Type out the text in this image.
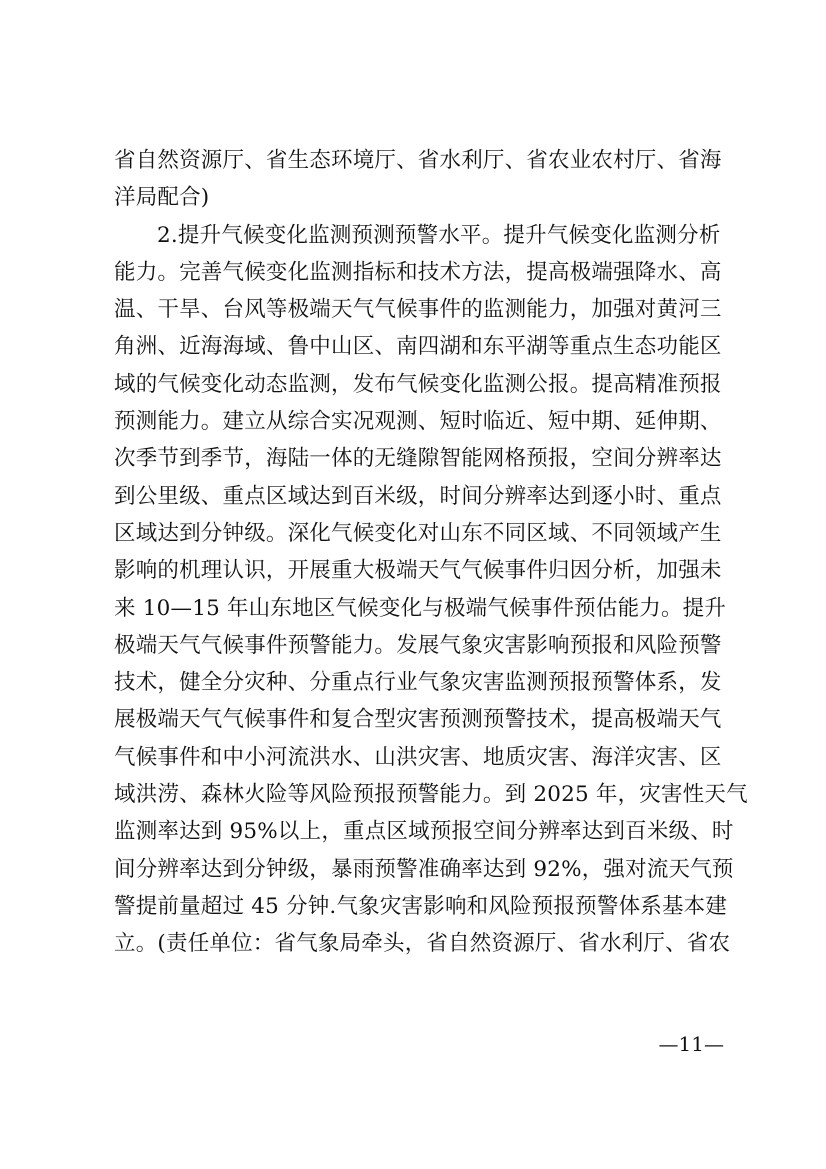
省自然资源厅、省生态环境厅、省水利厅、省农业农村厅、省海
洋局配合)
2.提升气候变化监测预测预警水平。提升气候变化监测分析
能力。完善气候变化监测指标和技术方法，提高极端强降水、高
温、干旱、台风等极端天气气候事件的监测能力，加强对黄河三
角洲、近海海域、鲁中山区、南四湖和东平湖等重点生态功能区
域的气候变化动态监测，发布气候变化监测公报。提高精准预报
预测能力。建立从综合实况观测、短时临近、短中期、延伸期、
次季节到季节，海陆一体的无缝隙智能网格预报，空间分辨率达
到公里级、重点区域达到百米级，时间分辨率达到逐小时、重点
区域达到分钟级。深化气候变化对山东不同区域、不同领域产生
影响的机理认识，开展重大极端天气气候事件归因分析，加强未
来 10—15 年山东地区气候变化与极端气候事件预估能力。提升
极端天气气候事件预警能力。发展气象灾害影响预报和风险预警
技术，健全分灾种、分重点行业气象灾害监测预报预警体系，发
展极端天气气候事件和复合型灾害预测预警技术，提高极端天气
气候事件和中小河流洪水、山洪灾害、地质灾害、海洋灾害、区
域洪涝、森林火险等风险预报预警能力。到 2025 年，灾害性天气
监测率达到 95%以上，重点区域预报空间分辨率达到百米级、时
间分辨率达到分钟级，暴雨预警准确率达到 92%，强对流天气预
警提前量超过 45 分钟.气象灾害影响和风险预报预警体系基本建
立。(责任单位：省气象局牵头，省自然资源厅、省水利厅、省农
—11—
